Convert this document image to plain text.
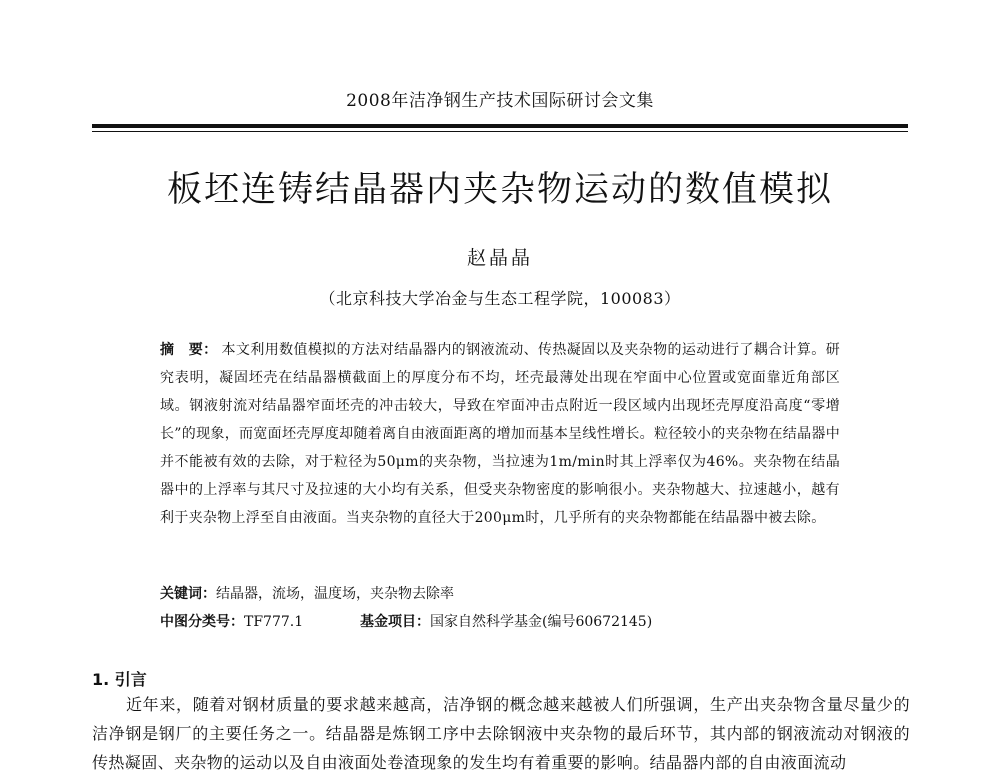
2008年洁净钢生产技术国际研讨会文集
板坯连铸结晶器内夹杂物运动的数值模拟
赵晶晶
（北京科技大学冶金与生态工程学院，100083）
摘　要： 本文利用数值模拟的方法对结晶器内的钢液流动、传热凝固以及夹杂物的运动进行了耦合计算。研究表明，凝固坯壳在结晶器横截面上的厚度分布不均，坯壳最薄处出现在窄面中心位置或宽面靠近角部区域。钢液射流对结晶器窄面坯壳的冲击较大，导致在窄面冲击点附近一段区域内出现坯壳厚度沿高度“零增长”的现象，而宽面坯壳厚度却随着离自由液面距离的增加而基本呈线性增长。粒径较小的夹杂物在结晶器中并不能被有效的去除，对于粒径为50μm的夹杂物，当拉速为1m/min时其上浮率仅为46%。夹杂物在结晶器中的上浮率与其尺寸及拉速的大小均有关系，但受夹杂物密度的影响很小。夹杂物越大、拉速越小，越有利于夹杂物上浮至自由液面。当夹杂物的直径大于200μm时，几乎所有的夹杂物都能在结晶器中被去除。
关键词：结晶器，流场，温度场，夹杂物去除率
中图分类号：TF777.1	基金项目：国家自然科学基金(编号60672145)
1. 引言
近年来，随着对钢材质量的要求越来越高，洁净钢的概念越来越被人们所强调，生产出夹杂物含量尽量少的洁净钢是钢厂的主要任务之一。结晶器是炼钢工序中去除钢液中夹杂物的最后环节，其内部的钢液流动对钢液的传热凝固、夹杂物的运动以及自由液面处卷渣现象的发生均有着重要的影响。结晶器内部的自由液面流动
